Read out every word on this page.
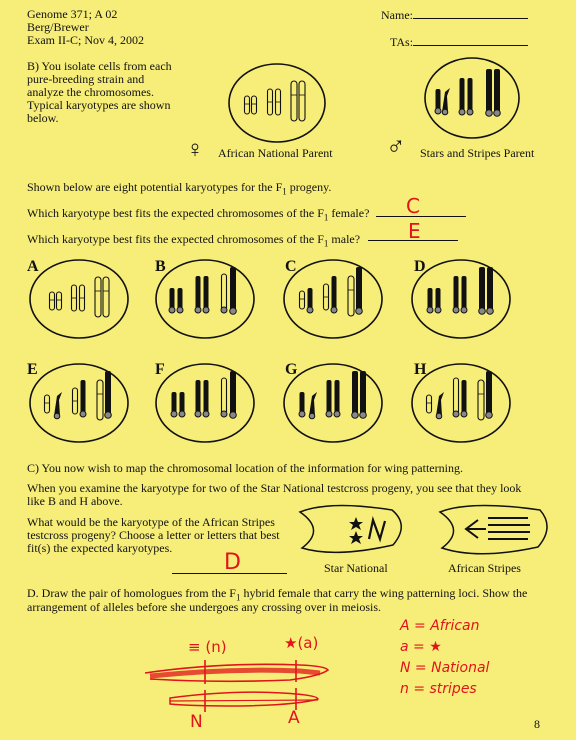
Genome 371; A 02
Berg/Brewer
Exam II-C; Nov 4, 2002
Name:
TAs:
B) You isolate cells from each
pure-breeding strain and
analyze the chromosomes.
Typical karyotypes are shown
below.
♀ African National Parent ♂ Stars and Stripes Parent
Shown below are eight potential karyotypes for the $F_1$ progeny.
Which karyotype best fits the expected chromosomes of the $F_1$ female? C
Which karyotype best fits the expected chromosomes of the $F_1$ male? E
A	B	C	D
E	F	G	H
C) You now wish to map the chromosomal location of the information for wing patterning.
When you examine the karyotype for two of the Star National testcross progeny, you see that they look
like B and H above.
What would be the karyotype of the African Stripes
testcross progeny? Choose a letter or letters that best
fit(s) the expected karyotypes.
D	Star National	African Stripes
D. Draw the pair of homologues from the $F_1$ hybrid female that carry the wing patterning loci. Show the
arrangement of alleles before she undergoes any crossing over in meiosis.
≡ (n)	★(a)
N	A
A = African
a = ★
N = National
n = stripes
8
